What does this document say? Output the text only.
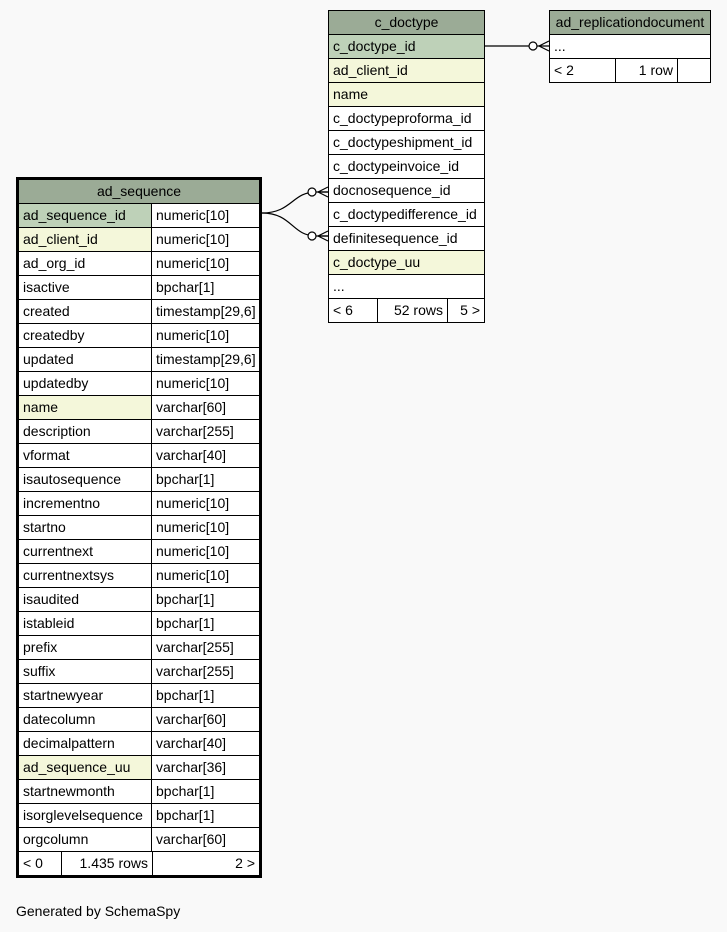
ad_sequence
ad_sequence_id	numeric[10]
ad_client_id	numeric[10]
ad_org_id	numeric[10]
isactive	bpchar[1]
created	timestamp[29,6]
createdby	numeric[10]
updated	timestamp[29,6]
updatedby	numeric[10]
name	varchar[60]
description	varchar[255]
vformat	varchar[40]
isautosequence	bpchar[1]
incrementno	numeric[10]
startno	numeric[10]
currentnext	numeric[10]
currentnextsys	numeric[10]
isaudited	bpchar[1]
istableid	bpchar[1]
prefix	varchar[255]
suffix	varchar[255]
startnewyear	bpchar[1]
datecolumn	varchar[60]
decimalpattern	varchar[40]
ad_sequence_uu	varchar[36]
startnewmonth	bpchar[1]
isorglevelsequence bpchar[1]
orgcolumn	varchar[60]
< 0	1.435 rows	2 >
c_doctype
c_doctype_id
ad_client_id
name
c_doctypeproforma_id
c_doctypeshipment_id
c_doctypeinvoice_id
docnosequence_id
c_doctypedifference_id
definitesequence_id
c_doctype_uu
...
< 6	52 rows	5 >
ad_replicationdocument
...
< 2	1 row
Generated by SchemaSpy
